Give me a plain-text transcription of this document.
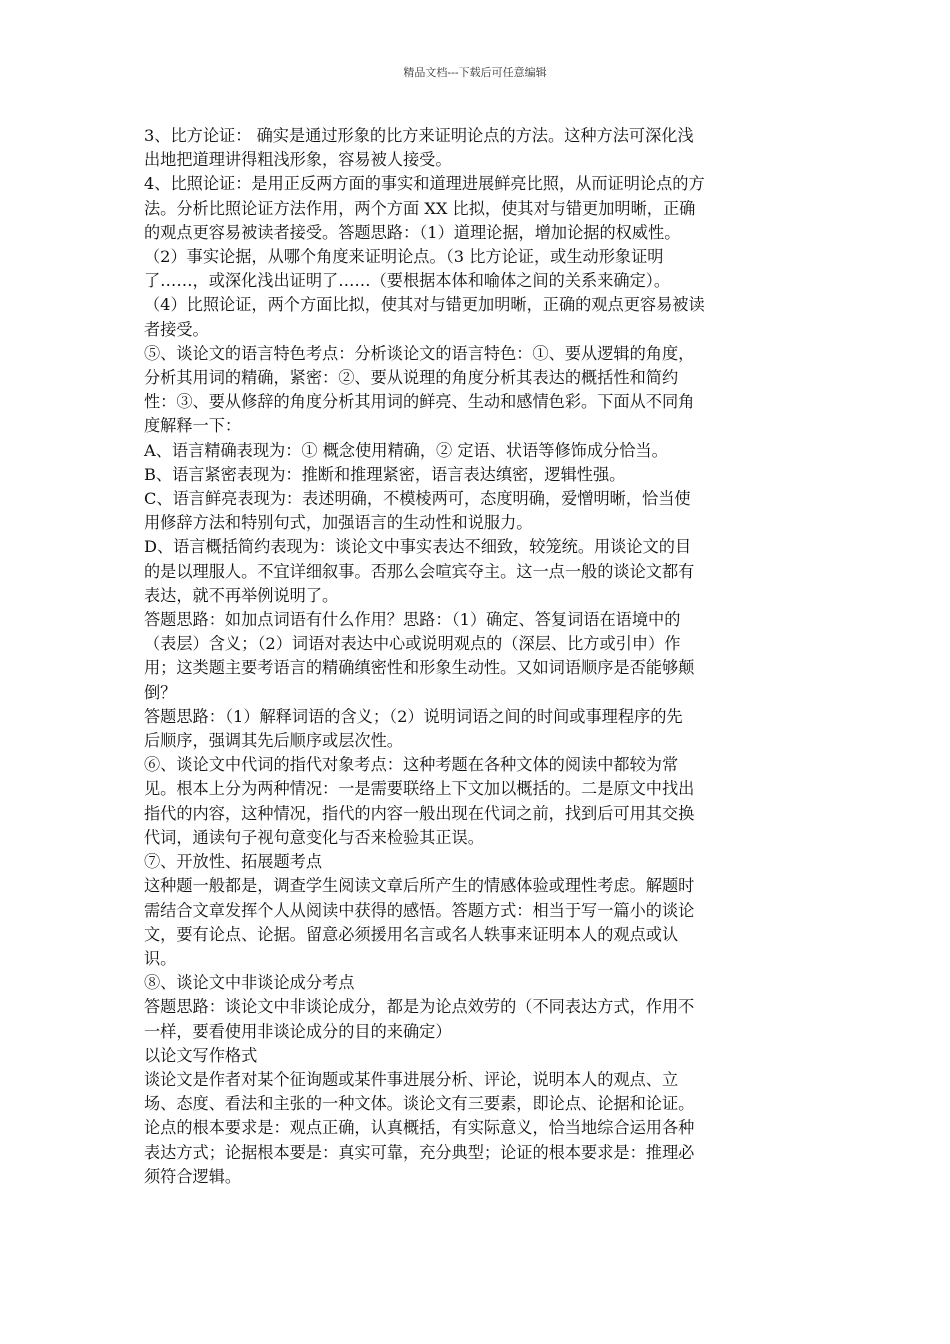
精品文档---下载后可任意编辑

3、比方论证： 确实是通过形象的比方来证明论点的方法。这种方法可深化浅

出地把道理讲得粗浅形象，容易被人接受。

4、比照论证：是用正反两方面的事实和道理进展鲜亮比照，从而证明论点的方

法。分析比照论证方法作用，两个方面 XX 比拟，使其对与错更加明晰，正确

的观点更容易被读者接受。答题思路：（1）道理论据，增加论据的权威性。

（2）事实论据，从哪个角度来证明论点。（3 比方论证，或生动形象证明

了……，或深化浅出证明了……（要根据本体和喻体之间的关系来确定）。

（4）比照论证，两个方面比拟，使其对与错更加明晰，正确的观点更容易被读

者接受。

⑤、谈论文的语言特色考点：分析谈论文的语言特色：①、要从逻辑的角度，

分析其用词的精确，紧密：②、要从说理的角度分析其表达的概括性和简约

性：③、要从修辞的角度分析其用词的鲜亮、生动和感情色彩。下面从不同角

度解释一下：

A、语言精确表现为：① 概念使用精确，② 定语、状语等修饰成分恰当。

B、语言紧密表现为：推断和推理紧密，语言表达缜密，逻辑性强。

C、语言鲜亮表现为：表述明确，不模棱两可，态度明确，爱憎明晰，恰当使

用修辞方法和特别句式，加强语言的生动性和说服力。

D、语言概括简约表现为：谈论文中事实表达不细致，较笼统。用谈论文的目

的是以理服人。不宜详细叙事。否那么会喧宾夺主。这一点一般的谈论文都有

表达，就不再举例说明了。

答题思路：如加点词语有什么作用？思路：（1）确定、答复词语在语境中的

（表层）含义；（2）词语对表达中心或说明观点的（深层、比方或引申）作

用；这类题主要考语言的精确缜密性和形象生动性。又如词语顺序是否能够颠

倒？

答题思路：（1）解释词语的含义；（2）说明词语之间的时间或事理程序的先

后顺序，强调其先后顺序或层次性。

⑥、谈论文中代词的指代对象考点：这种考题在各种文体的阅读中都较为常

见。根本上分为两种情况：一是需要联络上下文加以概括的。二是原文中找出

指代的内容，这种情况，指代的内容一般出现在代词之前，找到后可用其交换

代词，通读句子视句意变化与否来检验其正误。

⑦、开放性、拓展题考点

这种题一般都是，调查学生阅读文章后所产生的情感体验或理性考虑。解题时

需结合文章发挥个人从阅读中获得的感悟。答题方式：相当于写一篇小的谈论

文，要有论点、论据。留意必须援用名言或名人轶事来证明本人的观点或认

识。

⑧、谈论文中非谈论成分考点

答题思路：谈论文中非谈论成分，都是为论点效劳的（不同表达方式，作用不

一样，要看使用非谈论成分的目的来确定）

以论文写作格式

谈论文是作者对某个征询题或某件事进展分析、评论，说明本人的观点、立

场、态度、看法和主张的一种文体。谈论文有三要素，即论点、论据和论证。

论点的根本要求是：观点正确，认真概括，有实际意义，恰当地综合运用各种

表达方式；论据根本要是：真实可靠，充分典型；论证的根本要求是：推理必

须符合逻辑。
